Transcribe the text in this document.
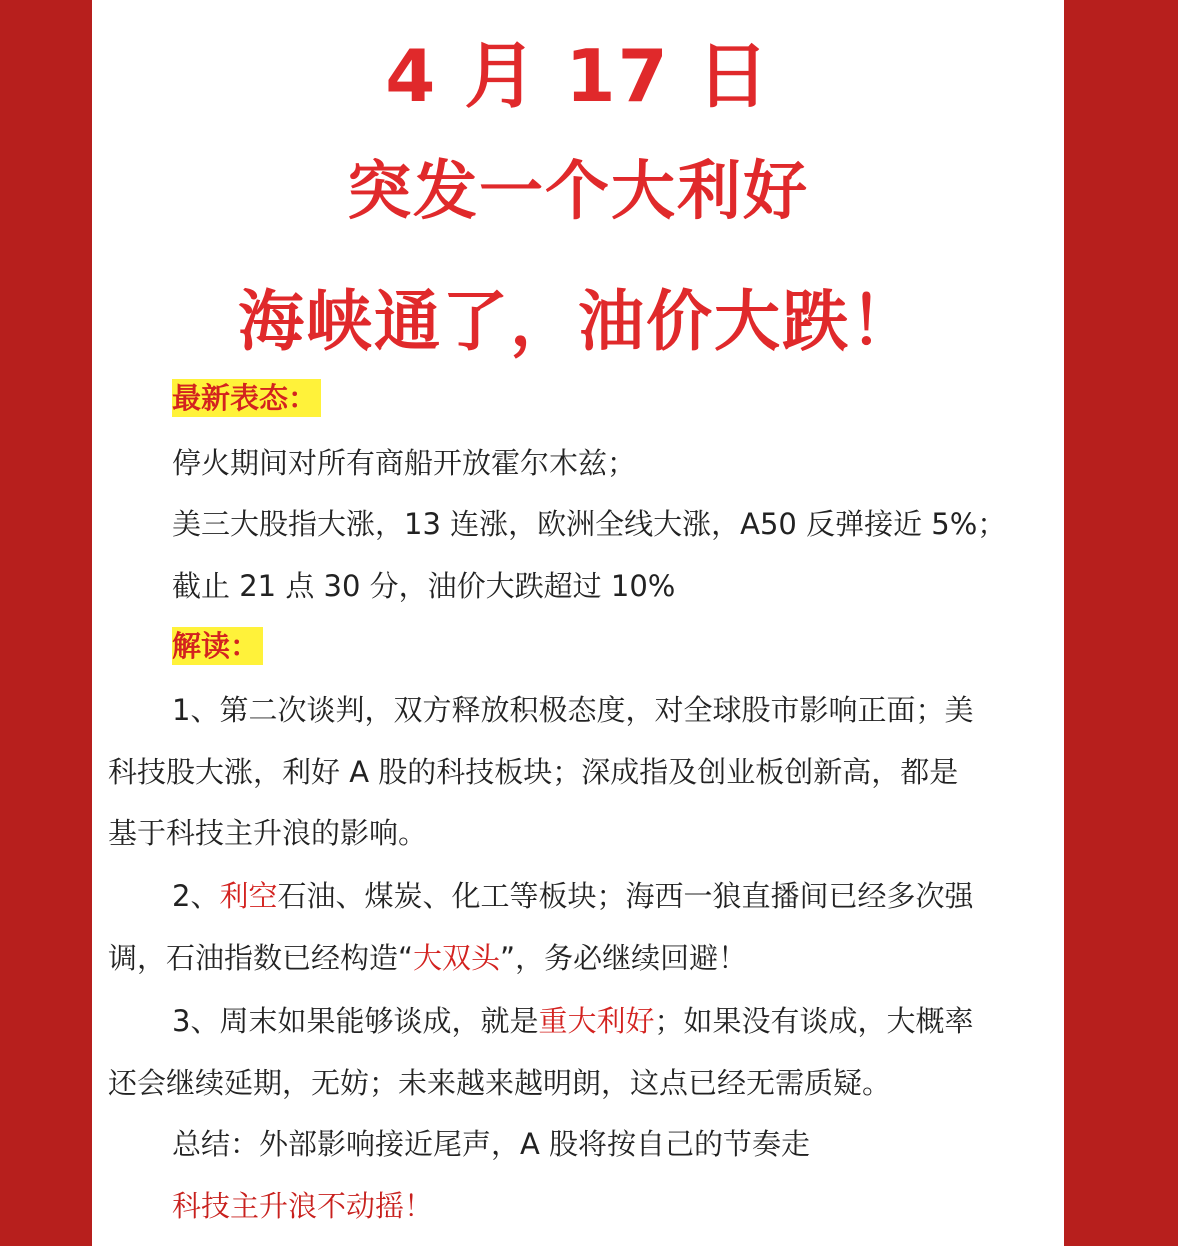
4 月 17 日
突发一个大利好
海峡通了，油价大跌！
最新表态：
停火期间对所有商船开放霍尔木兹；
美三大股指大涨，13 连涨，欧洲全线大涨，A50 反弹接近 5%；
截止 21 点 30 分，油价大跌超过 10%
解读：
1、第二次谈判，双方释放积极态度，对全球股市影响正面；美
科技股大涨，利好 A 股的科技板块；深成指及创业板创新高，都是
基于科技主升浪的影响。
2、利空石油、煤炭、化工等板块；海西一狼直播间已经多次强
调，石油指数已经构造“大双头”，务必继续回避！
3、周末如果能够谈成，就是重大利好；如果没有谈成，大概率
还会继续延期，无妨；未来越来越明朗，这点已经无需质疑。
总结：外部影响接近尾声，A 股将按自己的节奏走
科技主升浪不动摇！
